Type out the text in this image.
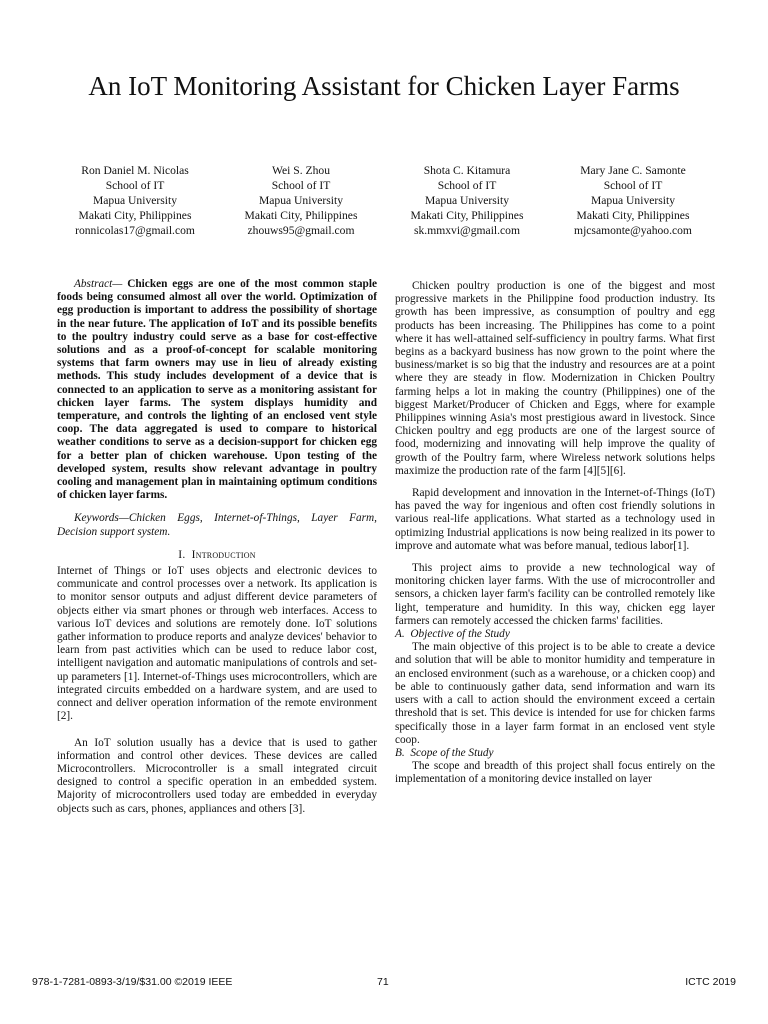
An IoT Monitoring Assistant for Chicken Layer Farms
Ron Daniel M. Nicolas
School of IT
Mapua University
Makati City, Philippines
ronnicolas17@gmail.com
Wei S. Zhou
School of IT
Mapua University
Makati City, Philippines
zhouws95@gmail.com
Shota C. Kitamura
School of IT
Mapua University
Makati City, Philippines
sk.mmxvi@gmail.com
Mary Jane C. Samonte
School of IT
Mapua University
Makati City, Philippines
mjcsamonte@yahoo.com

Abstract— Chicken eggs are one of the most common staple foods being consumed almost all over the world. Optimization of egg production is important to address the possibility of shortage in the near future. The application of IoT and its possible benefits to the poultry industry could serve as a base for cost-effective solutions and as a proof-of-concept for scalable monitoring systems that farm owners may use in lieu of already existing methods. This study includes development of a device that is connected to an application to serve as a monitoring assistant for chicken layer farms. The system displays humidity and temperature, and controls the lighting of an enclosed vent style coop. The data aggregated is used to compare to historical weather conditions to serve as a decision-support for chicken egg for a better plan of chicken warehouse. Upon testing of the developed system, results show relevant advantage in poultry cooling and management plan in maintaining optimum conditions of chicken layer farms.

Keywords—Chicken Eggs, Internet-of-Things, Layer Farm, Decision support system.

I. Introduction

Internet of Things or IoT uses objects and electronic devices to communicate and control processes over a network. Its application is to monitor sensor outputs and adjust different device parameters of objects either via smart phones or through web interfaces. Access to various IoT devices and solutions are remotely done. IoT solutions gather information to produce reports and analyze devices' behavior to learn from past activities which can be used to reduce labor cost, intelligent navigation and automatic manipulations of controls and set-up parameters [1]. Internet-of-Things uses microcontrollers, which are integrated circuits embedded on a hardware system, and are used to connect and deliver operation information of the remote environment [2].

An IoT solution usually has a device that is used to gather information and control other devices. These devices are called Microcontrollers. Microcontroller is a small integrated circuit designed to control a specific operation in an embedded system. Majority of microcontrollers used today are embedded in everyday objects such as cars, phones, appliances and others [3].

Chicken poultry production is one of the biggest and most progressive markets in the Philippine food production industry. Its growth has been impressive, as consumption of poultry and egg products has been increasing. The Philippines has come to a point where it has well-attained self-sufficiency in poultry farms. What first begins as a backyard business has now grown to the point where the business/market is so big that the industry and resources are at a point where they are steady in flow. Modernization in Chicken Poultry farming helps a lot in making the country (Philippines) one of the biggest Market/Producer of Chicken and Eggs, where for example Philippines winning Asia's most prestigious award in livestock. Since Chicken poultry and egg products are one of the largest source of food, modernizing and innovating will help improve the quality of growth of the Poultry farm, where Wireless network solutions helps maximize the production rate of the farm [4][5][6].

Rapid development and innovation in the Internet-of-Things (IoT) has paved the way for ingenious and often cost friendly solutions in various real-life applications. What started as a technology used in optimizing Industrial applications is now being realized in its power to improve and automate what was before manual, tedious labor[1].

This project aims to provide a new technological way of monitoring chicken layer farms. With the use of microcontroller and sensors, a chicken layer farm's facility can be controlled remotely like light, temperature and humidity. In this way, chicken egg layer farmers can remotely accessed the chicken farms' facilities.

A. Objective of the Study

The main objective of this project is to be able to create a device and solution that will be able to monitor humidity and temperature in an enclosed environment (such as a warehouse, or a chicken coop) and be able to continuously gather data, send information and warn its users with a call to action should the environment exceed a certain threshold that is set. This device is intended for use for chicken farms specifically those in a layer farm format in an enclosed vent style coop.

B. Scope of the Study

The scope and breadth of this project shall focus entirely on the implementation of a monitoring device installed on layer

978-1-7281-0893-3/19/$31.00 ©2019 IEEE	71	ICTC 2019
